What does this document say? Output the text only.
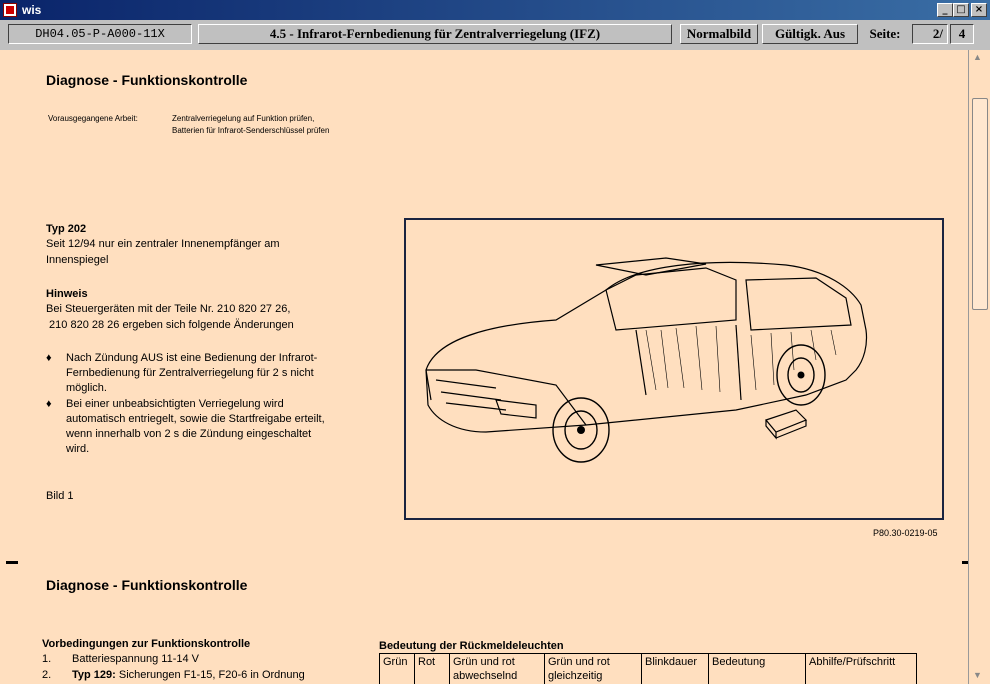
wis	_ □ ×
DH04.05-P-A000-11X	4.5 - Infrarot-Fernbedienung für Zentralverriegelung (IFZ)	Normalbild	Gültigk. Aus	Seite:	2/	4
Diagnose - Funktionskontrolle
Vorausgegangene Arbeit:	Zentralverriegelung auf Funktion prüfen,
Batterien für Infrarot-Senderschlüssel prüfen
Typ 202
Seit 12/94 nur ein zentraler Innenempfänger am
Innenspiegel
Hinweis
Bei Steuergeräten mit der Teile Nr. 210 820 27 26,
210 820 28 26 ergeben sich folgende Änderungen
♦ Nach Zündung AUS ist eine Bedienung der Infrarot-
Fernbedienung für Zentralverriegelung für 2 s nicht
möglich.
♦ Bei einer unbeabsichtigten Verriegelung wird
automatisch entriegelt, sowie die Startfreigabe erteilt,
wenn innerhalb von 2 s die Zündung eingeschaltet
wird.
Bild 1
P80.30-0219-05
Diagnose - Funktionskontrolle
Vorbedingungen zur Funktionskontrolle
1. Batteriespannung 11-14 V
2. Typ 129: Sicherungen F1-15, F20-6 in Ordnung
Bedeutung der Rückmeldeleuchten
Grün	Rot	Grün und rot abwechselnd	Grün und rot gleichzeitig	Blinkdauer	Bedeutung	Abhilfe/Prüfschritt
▲
▼
